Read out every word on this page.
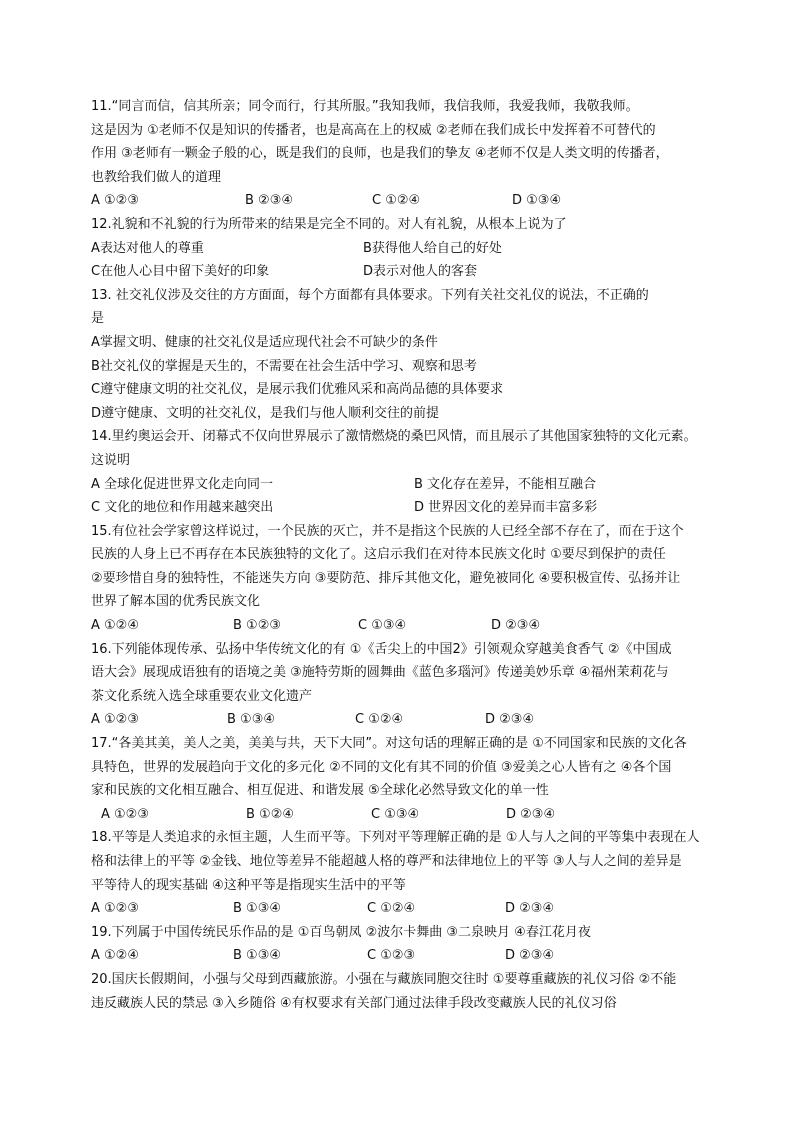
11.“同言而信，信其所亲；同令而行，行其所服。”我知我师，我信我师，我爱我师，我敬我师。
这是因为 ①老师不仅是知识的传播者，也是高高在上的权威 ②老师在我们成长中发挥着不可替代的
作用 ③老师有一颗金子般的心，既是我们的良师，也是我们的挚友 ④老师不仅是人类文明的传播者，
也教给我们做人的道理
A ①②③	B ②③④	C ①②④	D ①③④
12.礼貌和不礼貌的行为所带来的结果是完全不同的。对人有礼貌，从根本上说为了
A表达对他人的尊重	B获得他人给自己的好处
C在他人心目中留下美好的印象	D表示对他人的客套
13. 社交礼仪涉及交往的方方面面，每个方面都有具体要求。下列有关社交礼仪的说法，不正确的
是
A掌握文明、健康的社交礼仪是适应现代社会不可缺少的条件
B社交礼仪的掌握是天生的，不需要在社会生活中学习、观察和思考
C遵守健康文明的社交礼仪，是展示我们优雅风采和高尚品德的具体要求
D遵守健康、文明的社交礼仪，是我们与他人顺利交往的前提
14.里约奥运会开、闭幕式不仅向世界展示了激情燃烧的桑巴风情，而且展示了其他国家独特的文化元素。
这说明
A 全球化促进世界文化走向同一	B 文化存在差异，不能相互融合
C 文化的地位和作用越来越突出	D 世界因文化的差异而丰富多彩
15.有位社会学家曾这样说过，一个民族的灭亡，并不是指这个民族的人已经全部不存在了，而在于这个
民族的人身上已不再存在本民族独特的文化了。这启示我们在对待本民族文化时 ①要尽到保护的责任
②要珍惜自身的独特性，不能迷失方向 ③要防范、排斥其他文化，避免被同化 ④要积极宣传、弘扬并让
世界了解本国的优秀民族文化
A ①②④	B ①②③	C ①③④	D ②③④
16.下列能体现传承、弘扬中华传统文化的有 ①《舌尖上的中国2》引领观众穿越美食香气 ②《中国成
语大会》展现成语独有的语境之美 ③施特劳斯的圆舞曲《蓝色多瑙河》传递美妙乐章 ④福州茉莉花与
茶文化系统入选全球重要农业文化遗产
A ①②③	B ①③④	C ①②④	D ②③④
17.“各美其美，美人之美，美美与共，天下大同”。对这句话的理解正确的是 ①不同国家和民族的文化各
具特色，世界的发展趋向于文化的多元化 ②不同的文化有其不同的价值 ③爱美之心人皆有之 ④各个国
家和民族的文化相互融合、相互促进、和谐发展 ⑤全球化必然导致文化的单一性
A ①②③	B ①②④	C ①③④	D ②③④
18.平等是人类追求的永恒主题，人生而平等。下列对平等理解正确的是 ①人与人之间的平等集中表现在人
格和法律上的平等 ②金钱、地位等差异不能超越人格的尊严和法律地位上的平等 ③人与人之间的差异是
平等待人的现实基础 ④这种平等是指现实生活中的平等
A ①②③	B ①③④	C ①②④	D ②③④
19.下列属于中国传统民乐作品的是 ①百鸟朝凤 ②波尔卡舞曲 ③二泉映月 ④春江花月夜
A ①②④	B ①③④	C ①②③	D ②③④
20.国庆长假期间，小强与父母到西藏旅游。小强在与藏族同胞交往时 ①要尊重藏族的礼仪习俗 ②不能
违反藏族人民的禁忌 ③入乡随俗 ④有权要求有关部门通过法律手段改变藏族人民的礼仪习俗
